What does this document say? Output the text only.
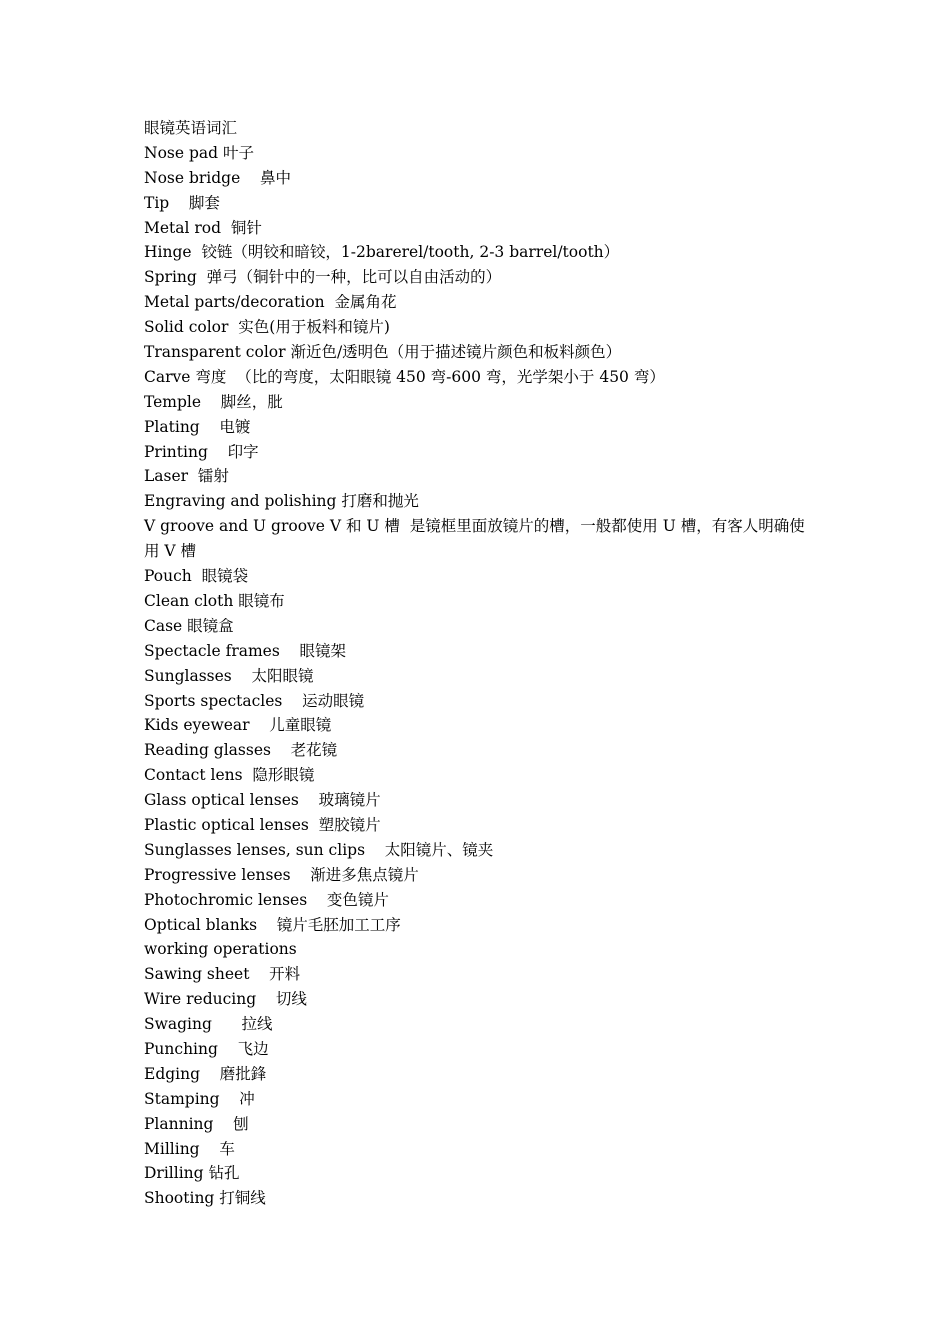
眼镜英语词汇
Nose pad 叶子
Nose bridge    鼻中
Tip    脚套
Metal rod  铜针
Hinge  铰链（明铰和暗铰，1-2barerel/tooth, 2-3 barrel/tooth）
Spring  弹弓（铜针中的一种，比可以自由活动的）
Metal parts/decoration  金属角花
Solid color  实色(用于板料和镜片)
Transparent color 渐近色/透明色（用于描述镜片颜色和板料颜色）
Carve 弯度  （比的弯度，太阳眼镜 450 弯-600 弯，光学架小于 450 弯）
Temple    脚丝，肶
Plating    电镀
Printing    印字
Laser  镭射
Engraving and polishing 打磨和抛光
V groove and U groove V 和 U 槽  是镜框里面放镜片的槽，一般都使用 U 槽，有客人明确使用 V 槽
Pouch  眼镜袋
Clean cloth 眼镜布
Case 眼镜盒
Spectacle frames    眼镜架
Sunglasses    太阳眼镜
Sports spectacles    运动眼镜
Kids eyewear    儿童眼镜
Reading glasses    老花镜
Contact lens  隐形眼镜
Glass optical lenses    玻璃镜片
Plastic optical lenses  塑胶镜片
Sunglasses lenses, sun clips    太阳镜片、镜夹
Progressive lenses    渐进多焦点镜片
Photochromic lenses    变色镜片
Optical blanks    镜片毛胚加工工序
working operations
Sawing sheet    开料
Wire reducing    切线
Swaging      拉线
Punching    飞边
Edging    磨批鋒
Stamping    冲
Planning    刨
Milling    车
Drilling 钻孔
Shooting 打铜线
